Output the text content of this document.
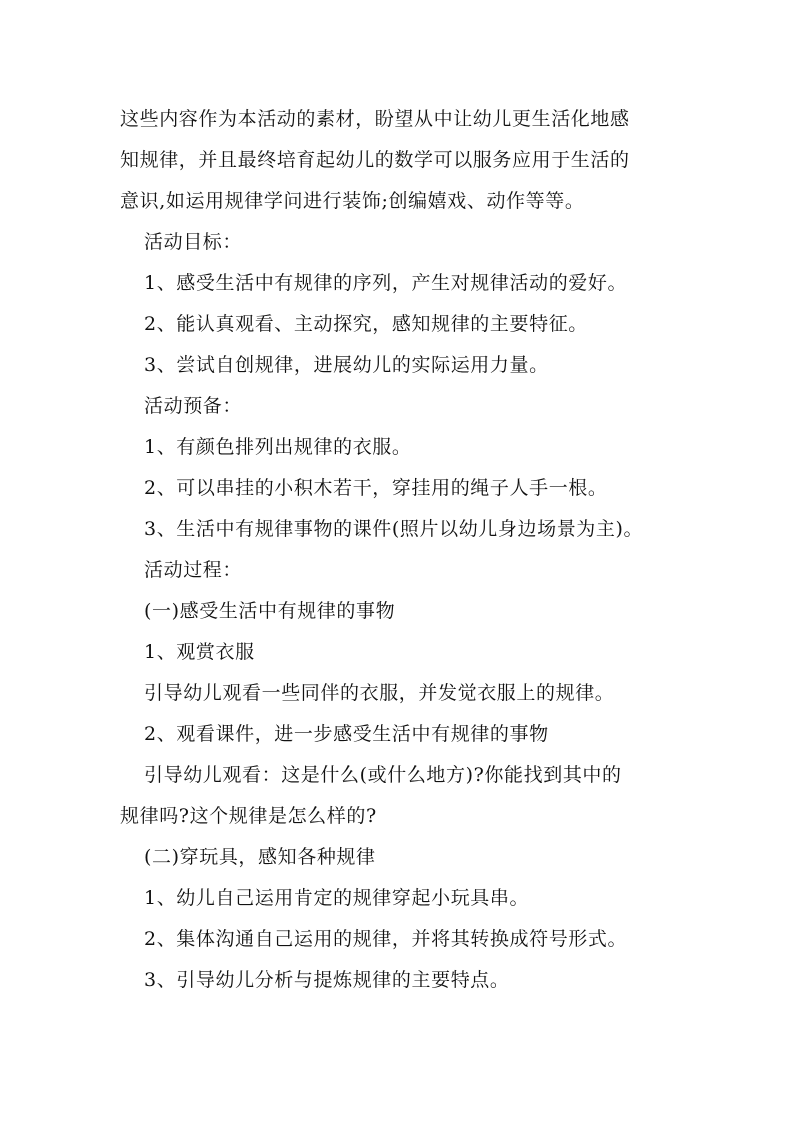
这些内容作为本活动的素材，盼望从中让幼儿更生活化地感
知规律，并且最终培育起幼儿的数学可以服务应用于生活的
意识,如运用规律学问进行装饰;创编嬉戏、动作等等。
活动目标：
1、感受生活中有规律的序列，产生对规律活动的爱好。
2、能认真观看、主动探究，感知规律的主要特征。
3、尝试自创规律，进展幼儿的实际运用力量。
活动预备：
1、有颜色排列出规律的衣服。
2、可以串挂的小积木若干，穿挂用的绳子人手一根。
3、生活中有规律事物的课件(照片以幼儿身边场景为主)。
活动过程：
(一)感受生活中有规律的事物
1、观赏衣服
引导幼儿观看一些同伴的衣服，并发觉衣服上的规律。
2、观看课件，进一步感受生活中有规律的事物
引导幼儿观看：这是什么(或什么地方)?你能找到其中的
规律吗?这个规律是怎么样的?
(二)穿玩具，感知各种规律
1、幼儿自己运用肯定的规律穿起小玩具串。
2、集体沟通自己运用的规律，并将其转换成符号形式。
3、引导幼儿分析与提炼规律的主要特点。
